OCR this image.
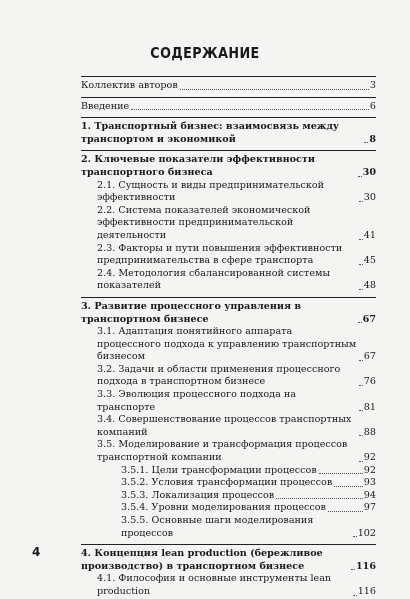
СОДЕРЖАНИЕ
Коллектив авторов	3
Введение	6
1. Транспортный бизнес: взаимосвязь между транспортом и экономикой	8
2. Ключевые показатели эффективности транспортного бизнеса	30
2.1. Сущность и виды предпринимательской эффективности	30
2.2. Система показателей экономической эффективности предпринимательской деятельности	41
2.3. Факторы и пути повышения эффективности предпринимательства в сфере транспорта	45
2.4. Методология сбалансированной системы показателей	48
3. Развитие процессного управления в транспортном бизнесе	67
3.1. Адаптация понятийного аппарата процессного подхода к управлению транспортным бизнесом	67
3.2. Задачи и области применения процессного подхода в транспортном бизнесе	76
3.3. Эволюция процессного подхода на транспорте	81
3.4. Совершенствование процессов транспортных компаний	88
3.5. Моделирование и трансформация процессов транспортной компании	92
3.5.1. Цели трансформации процессов	92
3.5.2. Условия трансформации процессов	93
3.5.3. Локализация процессов	94
3.5.4. Уровни моделирования процессов	97
3.5.5. Основные шаги моделирования процессов	102
4. Концепция lean production (бережливое производство) в транспортном бизнесе	116
4.1. Философия и основные инструменты lean production	116
4
